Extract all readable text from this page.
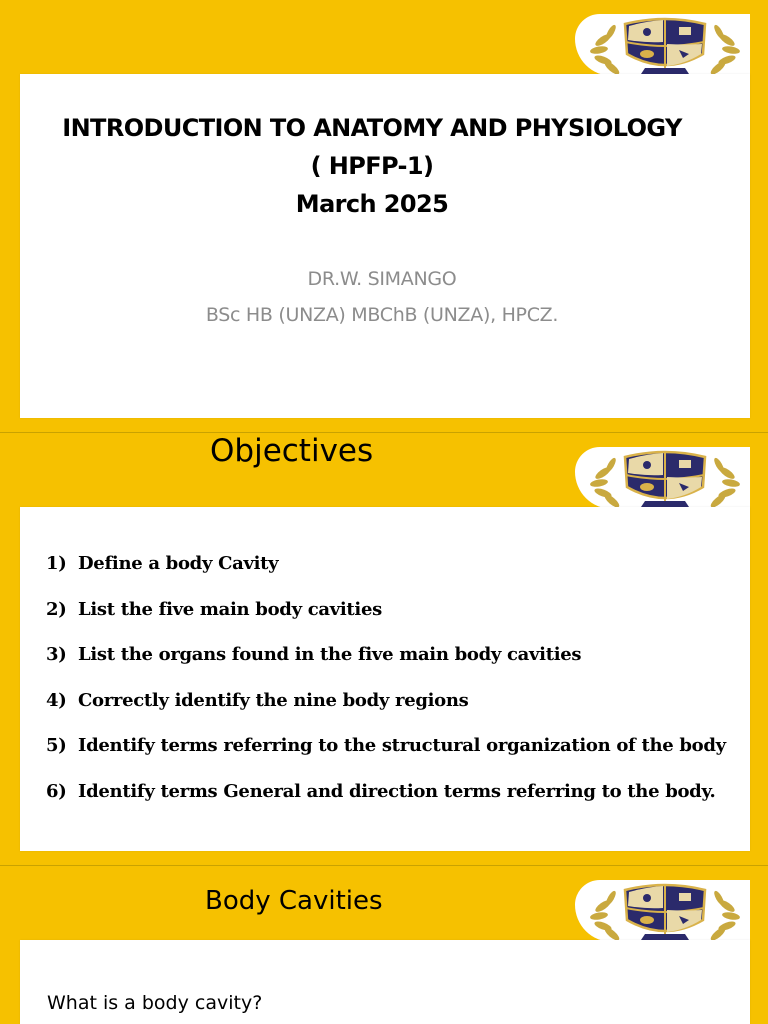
INTRODUCTION TO ANATOMY AND PHYSIOLOGY
( HPFP-1)
March 2025
DR.W. SIMANGO
BSc HB (UNZA) MBChB (UNZA), HPCZ.
Objectives
1) Define a body Cavity
2) List the five main body cavities
3) List the organs found in the five main body cavities
4) Correctly identify the nine body regions
5) Identify terms referring to the structural organization of the body
6) Identify terms General and direction terms referring to the body.
Body Cavities
What is a body cavity?
